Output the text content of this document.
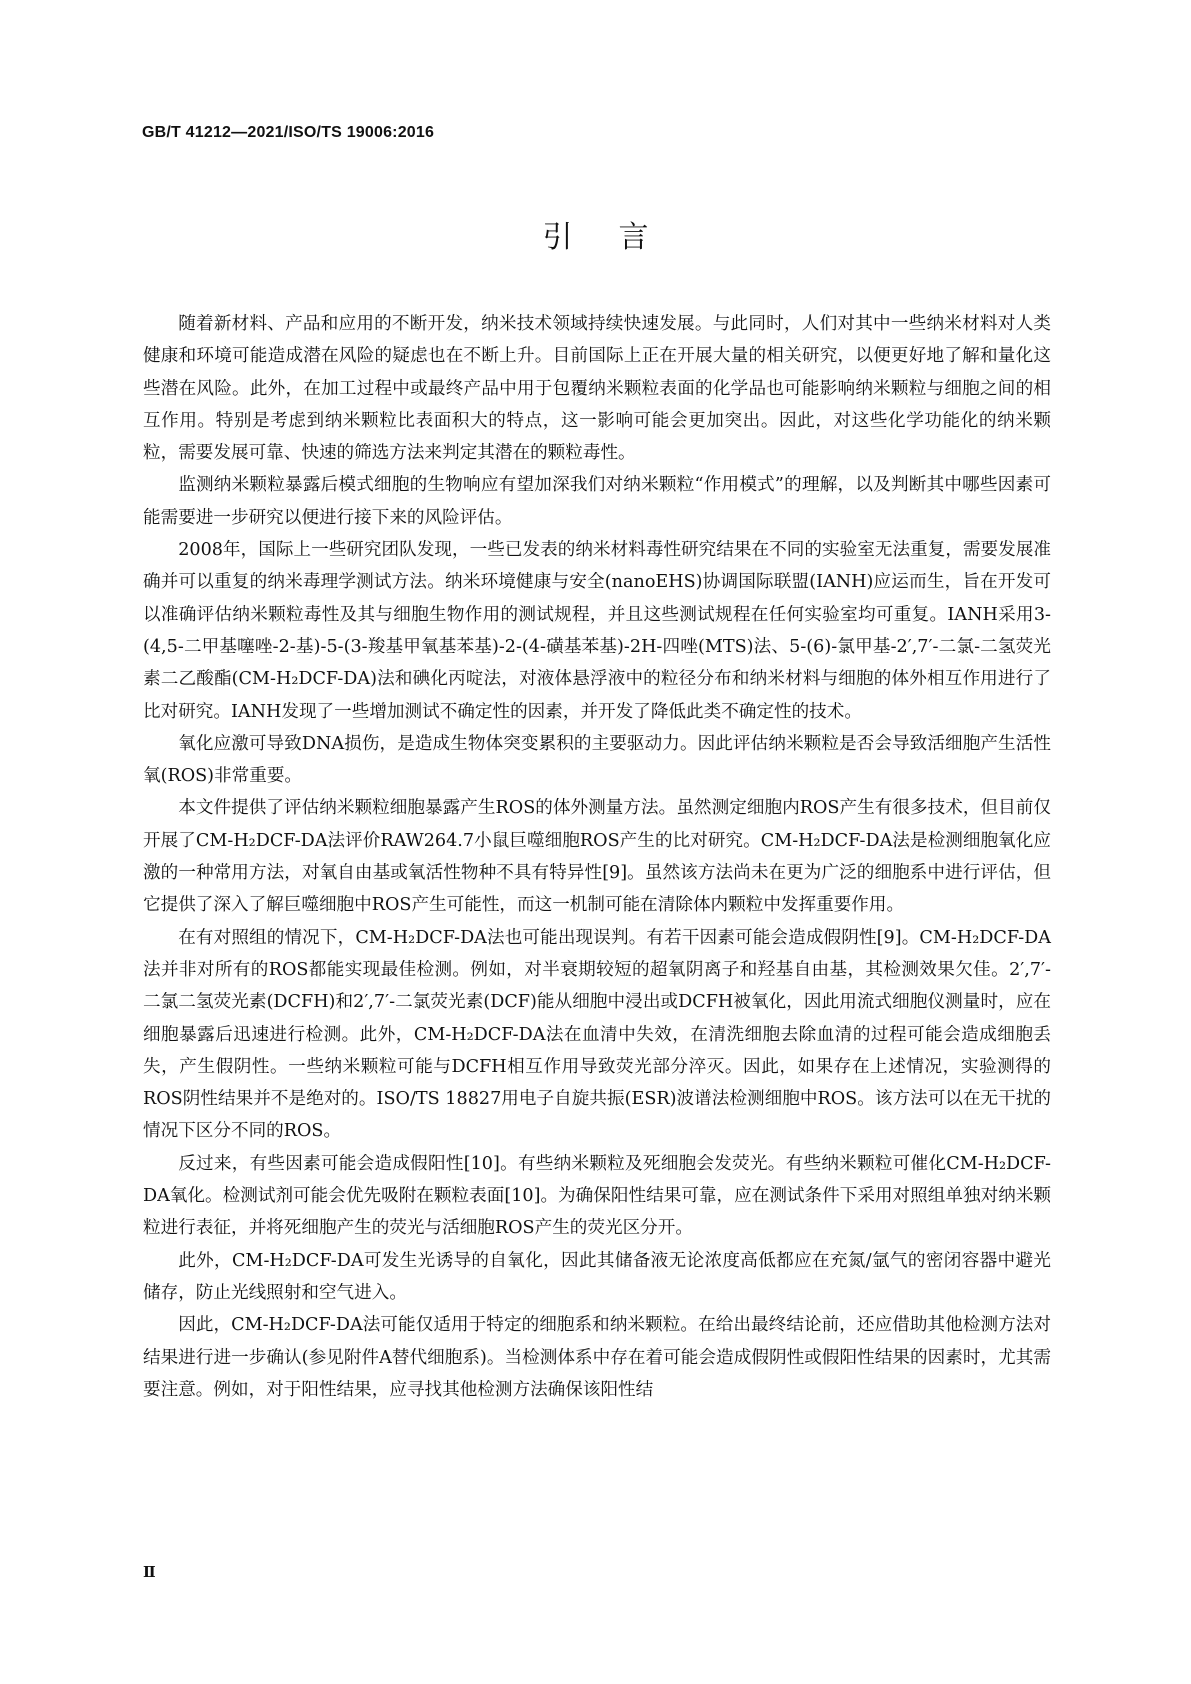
GB/T 41212—2021/ISO/TS 19006:2016
引言

随着新材料、产品和应用的不断开发，纳米技术领域持续快速发展。与此同时，人们对其中一些纳米材料对人类健康和环境可能造成潜在风险的疑虑也在不断上升。目前国际上正在开展大量的相关研究，以便更好地了解和量化这些潜在风险。此外，在加工过程中或最终产品中用于包覆纳米颗粒表面的化学品也可能影响纳米颗粒与细胞之间的相互作用。特别是考虑到纳米颗粒比表面积大的特点，这一影响可能会更加突出。因此，对这些化学功能化的纳米颗粒，需要发展可靠、快速的筛选方法来判定其潜在的颗粒毒性。

监测纳米颗粒暴露后模式细胞的生物响应有望加深我们对纳米颗粒“作用模式”的理解，以及判断其中哪些因素可能需要进一步研究以便进行接下来的风险评估。

2008年，国际上一些研究团队发现，一些已发表的纳米材料毒性研究结果在不同的实验室无法重复，需要发展准确并可以重复的纳米毒理学测试方法。纳米环境健康与安全(nanoEHS)协调国际联盟(IANH)应运而生，旨在开发可以准确评估纳米颗粒毒性及其与细胞生物作用的测试规程，并且这些测试规程在任何实验室均可重复。IANH采用3-(4,5-二甲基噻唑-2-基)-5-(3-羧基甲氧基苯基)-2-(4-磺基苯基)-2H-四唑(MTS)法、5-(6)-氯甲基-2′,7′-二氯-二氢荧光素二乙酸酯(CM-H₂DCF-DA)法和碘化丙啶法，对液体悬浮液中的粒径分布和纳米材料与细胞的体外相互作用进行了比对研究。IANH发现了一些增加测试不确定性的因素，并开发了降低此类不确定性的技术。

氧化应激可导致DNA损伤，是造成生物体突变累积的主要驱动力。因此评估纳米颗粒是否会导致活细胞产生活性氧(ROS)非常重要。

本文件提供了评估纳米颗粒细胞暴露产生ROS的体外测量方法。虽然测定细胞内ROS产生有很多技术，但目前仅开展了CM-H₂DCF-DA法评价RAW264.7小鼠巨噬细胞ROS产生的比对研究。CM-H₂DCF-DA法是检测细胞氧化应激的一种常用方法，对氧自由基或氧活性物种不具有特异性[9]。虽然该方法尚未在更为广泛的细胞系中进行评估，但它提供了深入了解巨噬细胞中ROS产生可能性，而这一机制可能在清除体内颗粒中发挥重要作用。

在有对照组的情况下，CM-H₂DCF-DA法也可能出现误判。有若干因素可能会造成假阴性[9]。CM-H₂DCF-DA法并非对所有的ROS都能实现最佳检测。例如，对半衰期较短的超氧阴离子和羟基自由基，其检测效果欠佳。2′,7′-二氯二氢荧光素(DCFH)和2′,7′-二氯荧光素(DCF)能从细胞中浸出或DCFH被氧化，因此用流式细胞仪测量时，应在细胞暴露后迅速进行检测。此外，CM-H₂DCF-DA法在血清中失效，在清洗细胞去除血清的过程可能会造成细胞丢失，产生假阴性。一些纳米颗粒可能与DCFH相互作用导致荧光部分淬灭。因此，如果存在上述情况，实验测得的ROS阴性结果并不是绝对的。ISO/TS 18827用电子自旋共振(ESR)波谱法检测细胞中ROS。该方法可以在无干扰的情况下区分不同的ROS。

反过来，有些因素可能会造成假阳性[10]。有些纳米颗粒及死细胞会发荧光。有些纳米颗粒可催化CM-H₂DCF-DA氧化。检测试剂可能会优先吸附在颗粒表面[10]。为确保阳性结果可靠，应在测试条件下采用对照组单独对纳米颗粒进行表征，并将死细胞产生的荧光与活细胞ROS产生的荧光区分开。

此外，CM-H₂DCF-DA可发生光诱导的自氧化，因此其储备液无论浓度高低都应在充氮/氩气的密闭容器中避光储存，防止光线照射和空气进入。

因此，CM-H₂DCF-DA法可能仅适用于特定的细胞系和纳米颗粒。在给出最终结论前，还应借助其他检测方法对结果进行进一步确认(参见附件A替代细胞系)。当检测体系中存在着可能会造成假阴性或假阳性结果的因素时，尤其需要注意。例如，对于阳性结果，应寻找其他检测方法确保该阳性结

Ⅱ
